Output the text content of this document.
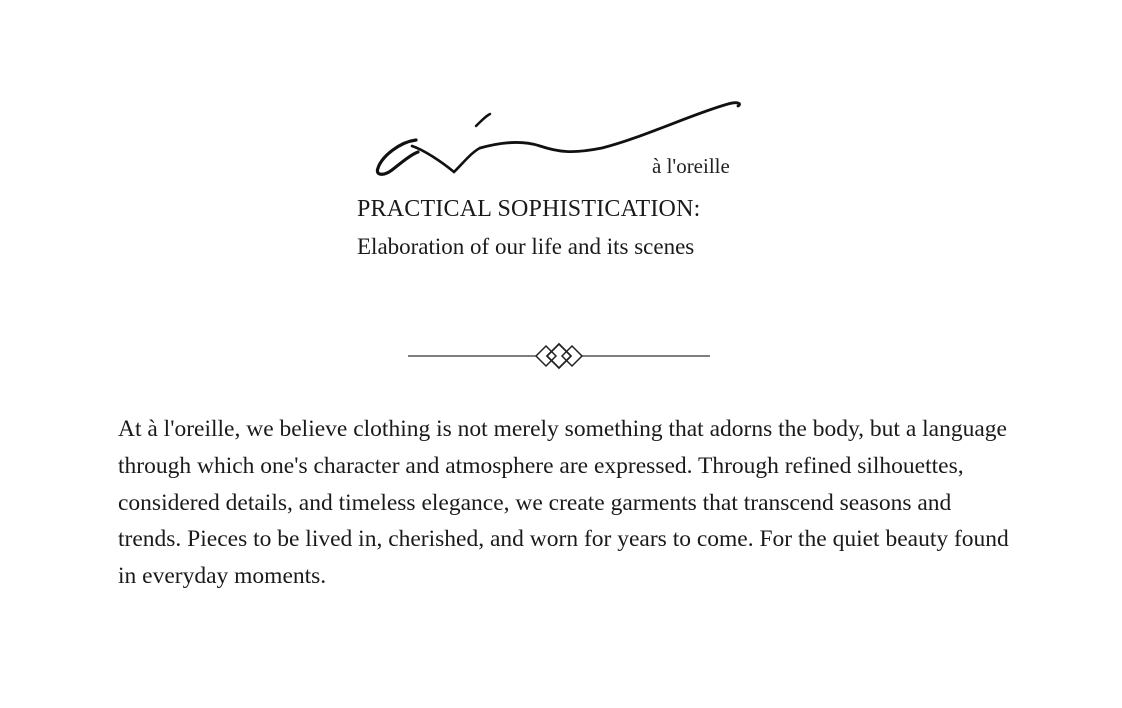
à l'oreille
PRACTICAL SOPHISTICATION:
Elaboration of our life and its scenes

At à l'oreille, we believe clothing is not merely something that adorns the body, but a language through which one's character and atmosphere are expressed. Through refined silhouettes, considered details, and timeless elegance, we create garments that transcend seasons and trends. Pieces to be lived in, cherished, and worn for years to come. For the quiet beauty found in everyday moments.
